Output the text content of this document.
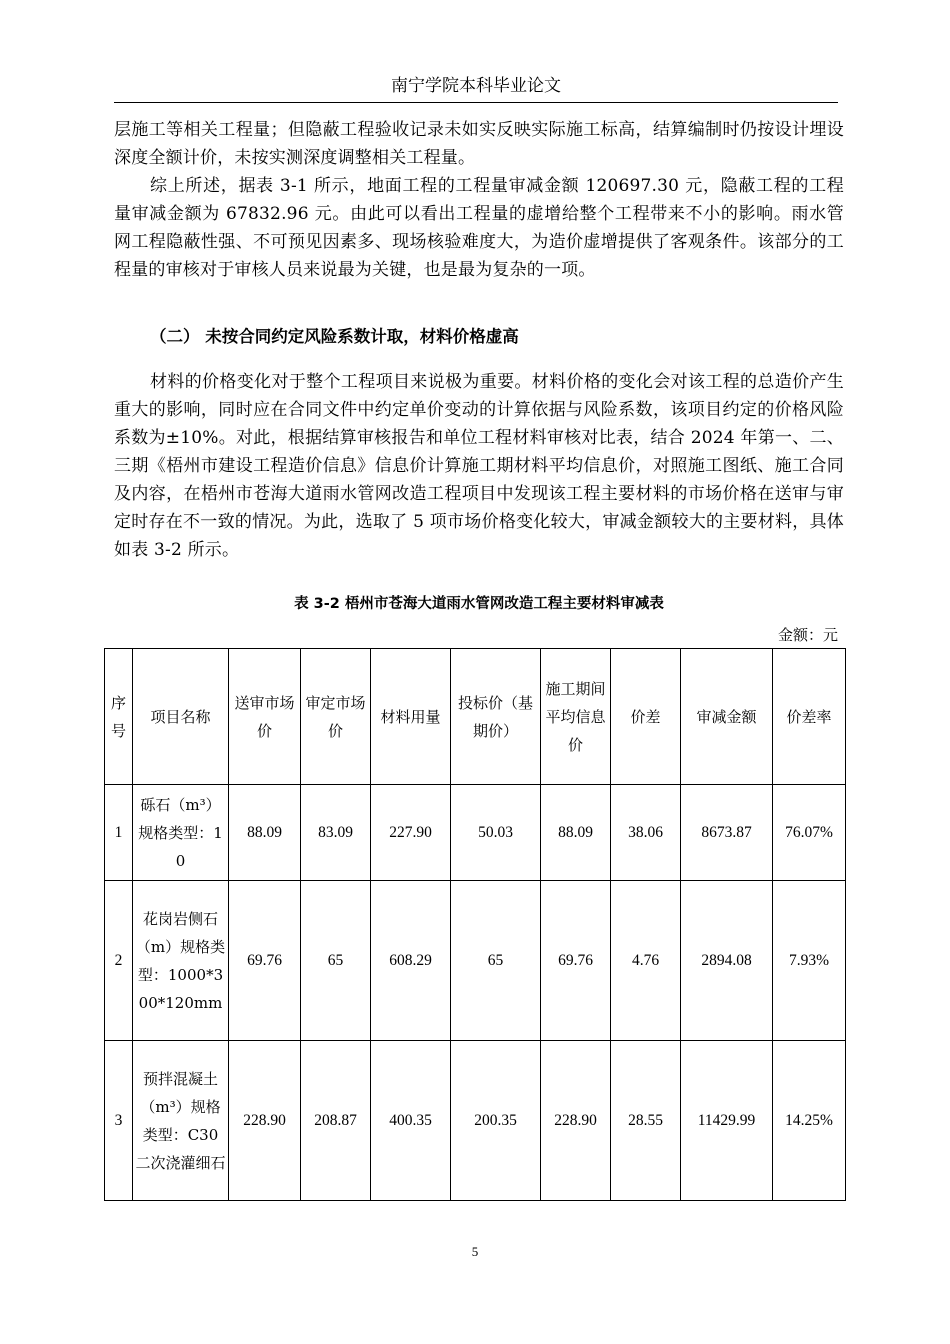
南宁学院本科毕业论文

层施工等相关工程量；但隐蔽工程验收记录未如实反映实际施工标高，结算编制时仍按设计埋设深度全额计价，未按实测深度调整相关工程量。

综上所述，据表 3-1 所示，地面工程的工程量审减金额 120697.30 元，隐蔽工程的工程量审减金额为 67832.96 元。由此可以看出工程量的虚增给整个工程带来不小的影响。雨水管网工程隐蔽性强、不可预见因素多、现场核验难度大，为造价虚增提供了客观条件。该部分的工程量的审核对于审核人员来说最为关键，也是最为复杂的一项。

（二） 未按合同约定风险系数计取，材料价格虚高

材料的价格变化对于整个工程项目来说极为重要。材料价格的变化会对该工程的总造价产生重大的影响，同时应在合同文件中约定单价变动的计算依据与风险系数，该项目约定的价格风险系数为±10%。对此，根据结算审核报告和单位工程材料审核对比表，结合 2024 年第一、二、三期《梧州市建设工程造价信息》信息价计算施工期材料平均信息价，对照施工图纸、施工合同及内容，在梧州市苍海大道雨水管网改造工程项目中发现该工程主要材料的市场价格在送审与审定时存在不一致的情况。为此，选取了 5 项市场价格变化较大，审减金额较大的主要材料，具体如表 3-2 所示。

表 3-2 梧州市苍海大道雨水管网改造工程主要材料审减表
金额：元
序号	项目名称	送审市场价	审定市场价	材料用量	投标价（基期价）	施工期间平均信息价	价差	审减金额	价差率
1	砾石（m³）规格类型：10	88.09	83.09	227.90	50.03	88.09	38.06	8673.87	76.07%
2	花岗岩侧石（m）规格类型：1000*300*120mm	69.76	65	608.29	65	69.76	4.76	2894.08	7.93%
3	预拌混凝土（m³）规格类型：C30 二次浇灌细石	228.90	208.87	400.35	200.35	228.90	28.55	11429.99	14.25%
5
